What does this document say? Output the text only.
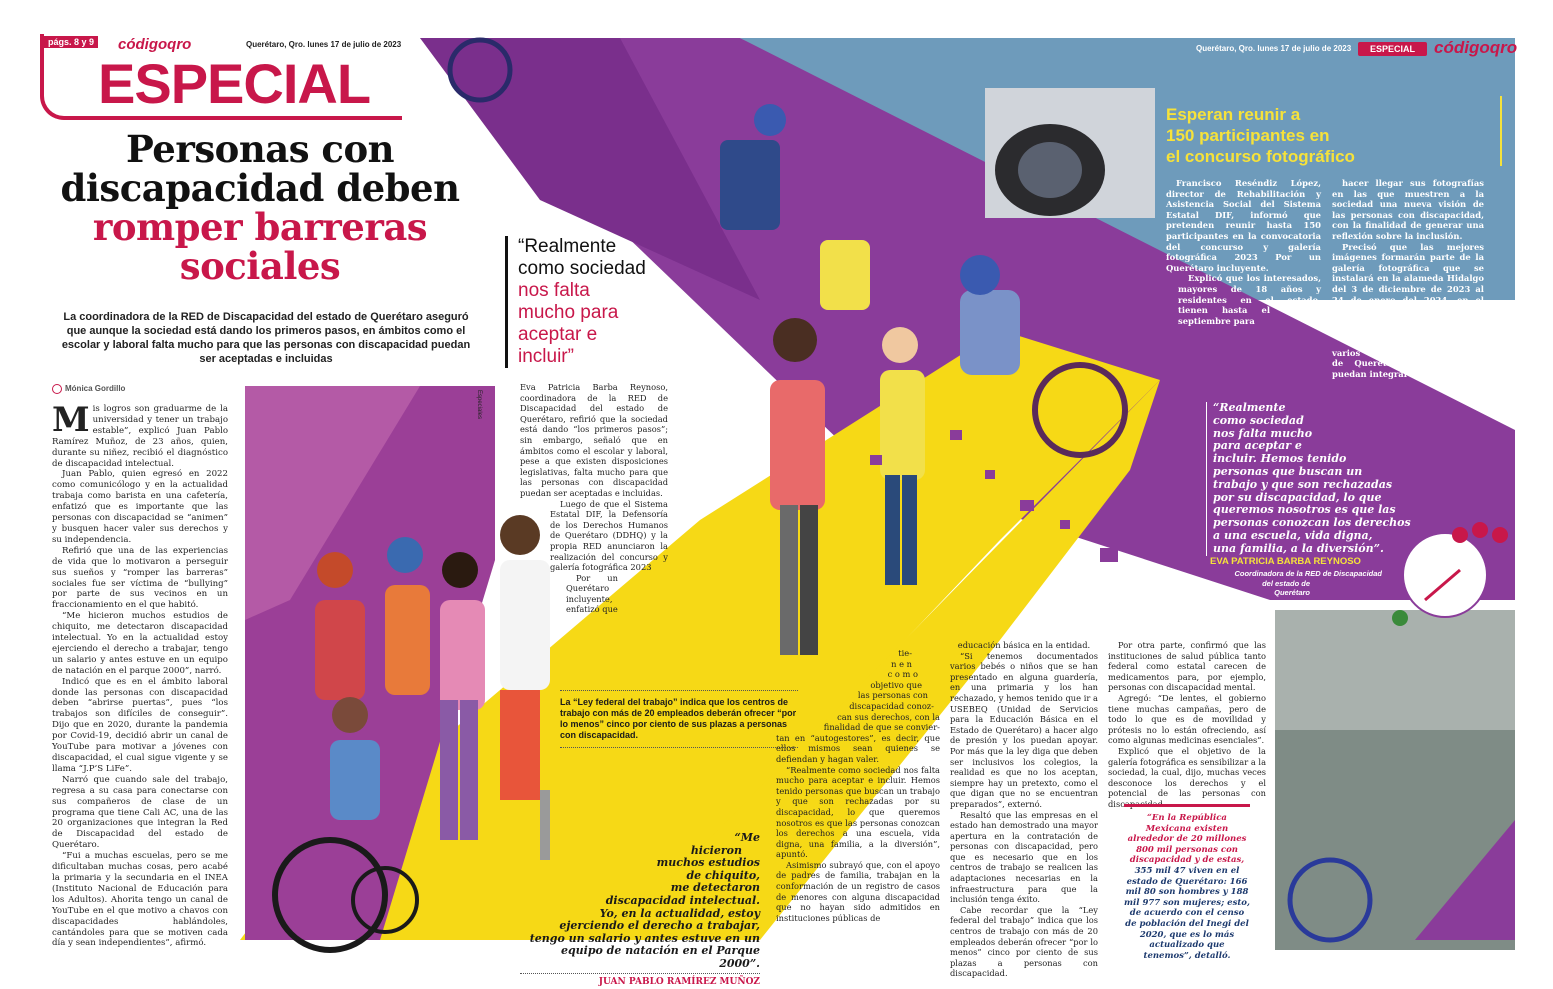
págs. 8 y 9 códigoqro	Querétaro, Qro. lunes 17 de julio de 2023
ESPECIAL
Querétaro, Qro. lunes 17 de julio de 2023	ESPECIAL	códigoqro
Personas con
discapacidad deben
romper barreras
sociales
La coordinadora de la RED de Discapacidad del estado de Querétaro aseguró que aunque la sociedad está dando los primeros pasos, en ámbitos como el escolar y laboral falta mucho para que las personas con discapacidad puedan ser aceptadas e incluidas
Mónica Gordillo
Especiales

Mis logros son graduarme de la universidad y tener un trabajo estable”, explicó Juan Pablo Ramírez Muñoz, de 23 años, quien, durante su niñez, recibió el diagnóstico de discapacidad intelectual.

Juan Pablo, quien egresó en 2022 como comunicólogo y en la actualidad trabaja como barista en una cafetería, enfatizó que es importante que las personas con discapacidad se “animen” y busquen hacer valer sus derechos y su independencia.

Refirió que una de las experiencias de vida que lo motivaron a perseguir sus sueños y “romper las barreras” sociales fue ser víctima de “bullying” por parte de sus vecinos en un fraccionamiento en el que habitó.

“Me hicieron muchos estudios de chiquito, me detectaron discapacidad intelectual. Yo en la actualidad estoy ejerciendo el derecho a trabajar, tengo un salario y antes estuve en un equipo de natación en el parque 2000”, narró.

Indicó que es en el ámbito laboral donde las personas con discapacidad deben “abrirse puertas”, pues “los trabajos son difíciles de conseguir”. Dijo que en 2020, durante la pandemia por Covid-19, decidió abrir un canal de YouTube para motivar a jóvenes con discapacidad, el cual sigue vigente y se llama “J.P’S LiFe”.

Narró que cuando sale del trabajo, regresa a su casa para conectarse con sus compañeros de clase de un programa que tiene Cali AC, una de las 20 organizaciones que integran la Red de Discapacidad del estado de Querétaro.

“Fui a muchas escuelas, pero se me dificultaban muchas cosas, pero acabé la primaria y la secundaria en el INEA (Instituto Nacional de Educación para los Adultos). Ahorita tengo un canal de YouTube en el que motivo a chavos con discapacidades hablándoles, cantándoles para que se motiven cada día y sean independientes”, afirmó.

“Realmente
como sociedad
nos falta
mucho para
aceptar e
incluir”

Eva Patricia Barba Reynoso, coordinadora de la RED de Discapacidad del estado de Querétaro, refirió que la sociedad está dando “los primeros pasos”; sin embargo, señaló que en ámbitos como el escolar y laboral, pese a que existen disposiciones legislativas, falta mucho para que las personas con discapacidad puedan ser aceptadas e incluidas.

Luego de que el Sistema Estatal DIF, la Defensoría de los Derechos Humanos de Querétaro (DDHQ) y la propia RED anunciaron la realización del concurso y galería fotográfica 2023

Por un Querétaro incluyente, enfatizó que

La “Ley federal del trabajo” indica que los centros de trabajo con más de 20 empleados deberán ofrecer “por lo menos” cinco por ciento de sus plazas a personas con discapacidad.

tie-

n e n

c o m o

objetivo que

las personas con

discapacidad conoz-

can sus derechos, con la

finalidad de que se convier-

tan en “autogestores”, es decir, que ellos mismos sean quienes se defiendan y hagan valer.

“Realmente como sociedad nos falta mucho para aceptar e incluir. Hemos tenido personas que buscan un trabajo y que son rechazadas por su discapacidad, lo que queremos nosotros es que las personas conozcan los derechos a una escuela, vida digna, una familia, a la diversión”, apuntó.

Asimismo subrayó que, con el apoyo de padres de familia, trabajan en la conformación de un registro de casos de menores con alguna discapacidad que no hayan sido admitidos en instituciones públicas de

educación básica en la entidad.

“Si tenemos documentados varios bebés o niños que se han presentado en alguna guardería, en una primaria y los han rechazado, y hemos tenido que ir a USEBEQ (Unidad de Servicios para la Educación Básica en el Estado de Querétaro) a hacer algo de presión y los puedan apoyar. Por más que la ley diga que deben ser inclusivos los colegios, la realidad es que no los aceptan, siempre hay un pretexto, como el que digan que no se encuentran preparados”, externó.

Resaltó que las empresas en el estado han demostrado una mayor apertura en la contratación de personas con discapacidad, pero que es necesario que en los centros de trabajo se realicen las adaptaciones necesarias en la infraestructura para que la inclusión tenga éxito.

Cabe recordar que la “Ley federal del trabajo” indica que los centros de trabajo con más de 20 empleados deberán ofrecer “por lo menos” cinco por ciento de sus plazas a personas con discapacidad.

Por otra parte, confirmó que las instituciones de salud pública tanto federal como estatal carecen de medicamentos para, por ejemplo, personas con discapacidad mental.

Agregó: “De lentes, el gobierno tiene muchas campañas, pero de todo lo que es de movilidad y prótesis no lo están ofreciendo, así como algunas medicinas esenciales”.

Explicó que el objetivo de la galería fotográfica es sensibilizar a la sociedad, la cual, dijo, muchas veces desconoce los derechos y el potencial de las personas con discapacidad.

“Me
hicieron
muchos estudios
de chiquito,
me detectaron
discapacidad intelectual.
Yo, en la actualidad, estoy
ejerciendo el derecho a trabajar,
tengo un salario y antes estuve en un
equipo de natación en el Parque 2000”.
JUAN PABLO RAMÍREZ MUÑOZ
Esperan reunir a
150 participantes en
el concurso fotográfico

Francisco Reséndiz López, director de Rehabilitación y Asistencia Social del Sistema Estatal DIF, informó que pretenden reunir hasta 150 participantes en la convocatoria del concurso y galería fotográfica 2023 Por un Querétaro incluyente.

Explicó que los interesados, mayores de 18 años y residentes en el estado, tienen hasta el 15 de septiembre para

hacer llegar sus fotografías en las que muestren a la sociedad una nueva visión de las personas con discapacidad, con la finalidad de generar una reflexión sobre la inclusión.

Precisó que las mejores imágenes formarán parte de la galería fotográfica que se instalará en la alameda Hidalgo del 3 de diciembre de 2023 al 24 de enero del 2024, en el marco de la celebración del Día Internacional de las Personas con Discapacidad.

“También estamos invitando a varios fotógrafos reconocidos de Querétaro para que se puedan integrar”, agregó.

“Realmente
como sociedad
nos falta mucho
para aceptar e
incluir. Hemos tenido
personas que buscan un
trabajo y que son rechazadas
por su discapacidad, lo que
queremos nosotros es que las
personas conozcan los derechos
a una escuela, vida digna,
una familia, a la diversión”.
EVA PATRICIA BARBA REYNOSO
Coordinadora de la RED de Discapacidad
del estado de Querétaro
“En la República Mexicana existen alrededor de 20 millones 800 mil personas con discapacidad y de estas,
355 mil 47 viven en el estado de Querétaro: 166 mil 80 son hombres y 188 mil 977 son mujeres; esto, de acuerdo con el censo de población del Inegi del 2020, que es lo más actualizado que tenemos”, detalló.
